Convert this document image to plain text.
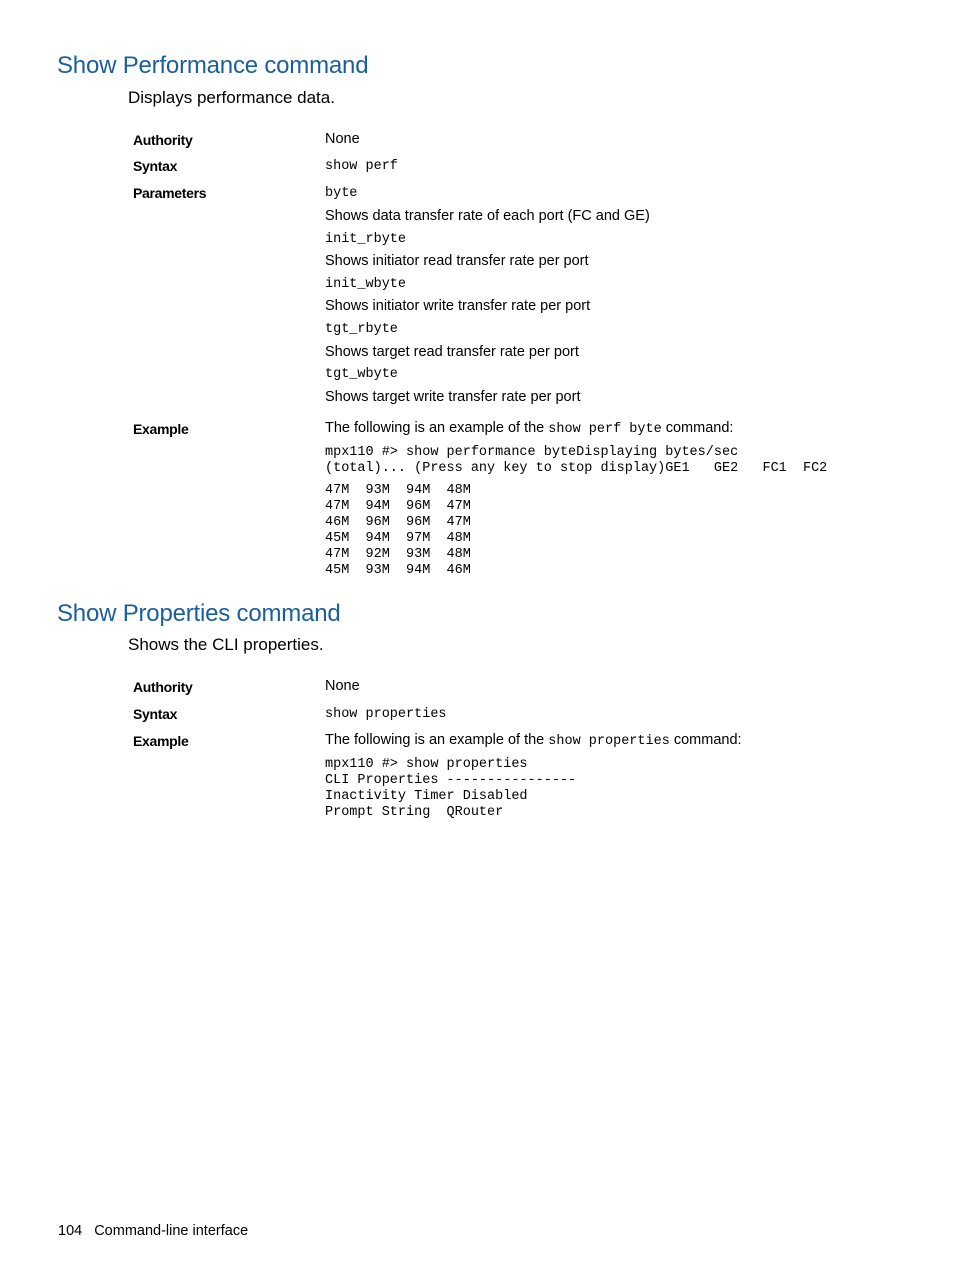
Show Performance command
Displays performance data.
Authority	None
Syntax	show perf
Parameters	byte
Shows data transfer rate of each port (FC and GE)
init_rbyte
Shows initiator read transfer rate per port
init_wbyte
Shows initiator write transfer rate per port
tgt_rbyte
Shows target read transfer rate per port
tgt_wbyte
Shows target write transfer rate per port
Example	The following is an example of the show perf byte command:
mpx110 #> show performance byteDisplaying bytes/sec
(total)... (Press any key to stop display)GE1   GE2   FC1  FC2
47M  93M  94M  48M
47M  94M  96M  47M
46M  96M  96M  47M
45M  94M  97M  48M
47M  92M  93M  48M
45M  93M  94M  46M
Show Properties command
Shows the CLI properties.
Authority	None
Syntax	show properties
Example	The following is an example of the show properties command:
mpx110 #> show properties
CLI Properties ----------------
Inactivity Timer Disabled
Prompt String  QRouter
104 Command-line interface
